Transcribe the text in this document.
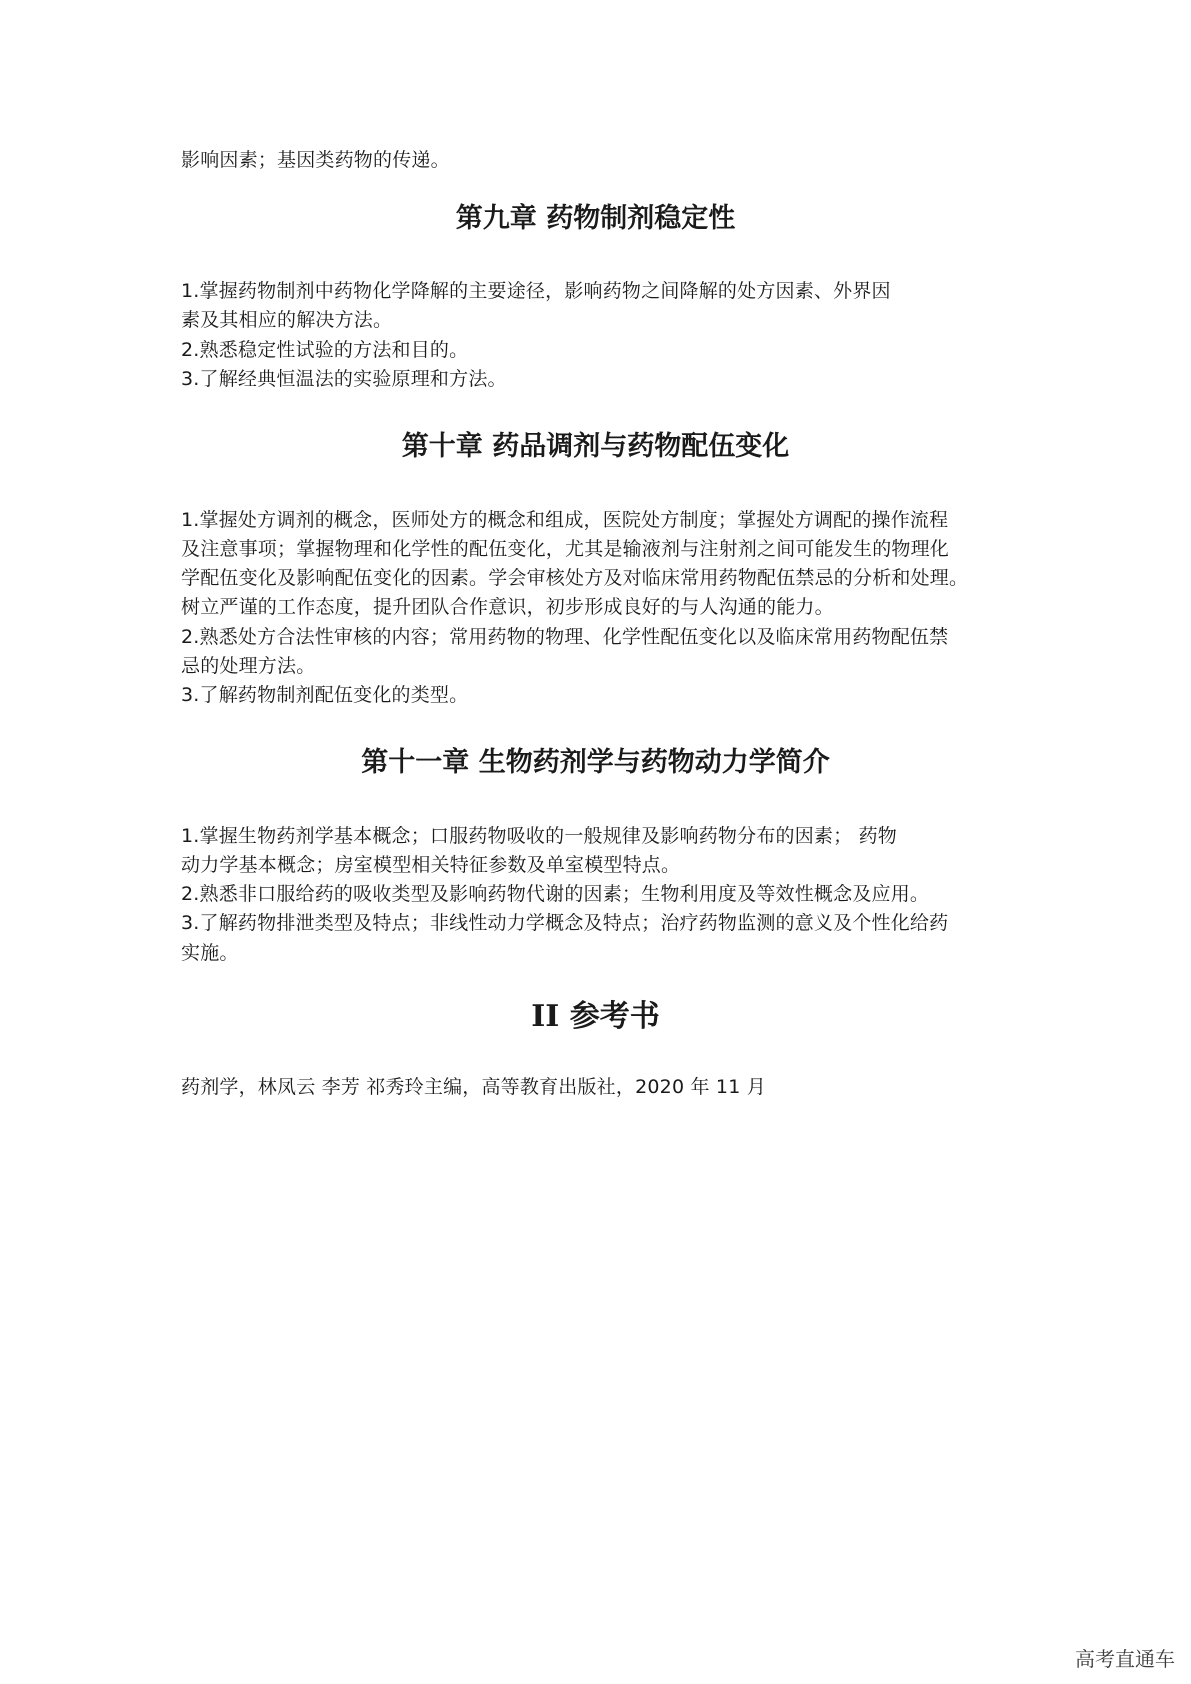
影响因素；基因类药物的传递。
第九章 药物制剂稳定性
1.掌握药物制剂中药物化学降解的主要途径，影响药物之间降解的处方因素、外界因
素及其相应的解决方法。
2.熟悉稳定性试验的方法和目的。
3.了解经典恒温法的实验原理和方法。
第十章 药品调剂与药物配伍变化
1.掌握处方调剂的概念，医师处方的概念和组成，医院处方制度；掌握处方调配的操作流程
及注意事项；掌握物理和化学性的配伍变化，尤其是输液剂与注射剂之间可能发生的物理化
学配伍变化及影响配伍变化的因素。学会审核处方及对临床常用药物配伍禁忌的分析和处理。
树立严谨的工作态度，提升团队合作意识，初步形成良好的与人沟通的能力。
2.熟悉处方合法性审核的内容；常用药物的物理、化学性配伍变化以及临床常用药物配伍禁
忌的处理方法。
3.了解药物制剂配伍变化的类型。
第十一章 生物药剂学与药物动力学简介
1.掌握生物药剂学基本概念；口服药物吸收的一般规律及影响药物分布的因素； 药物
动力学基本概念；房室模型相关特征参数及单室模型特点。
2.熟悉非口服给药的吸收类型及影响药物代谢的因素；生物利用度及等效性概念及应用。
3.了解药物排泄类型及特点；非线性动力学概念及特点；治疗药物监测的意义及个性化给药
实施。
II 参考书
药剂学，林凤云 李芳 祁秀玲主编，高等教育出版社，2020 年 11 月
高考直通车
